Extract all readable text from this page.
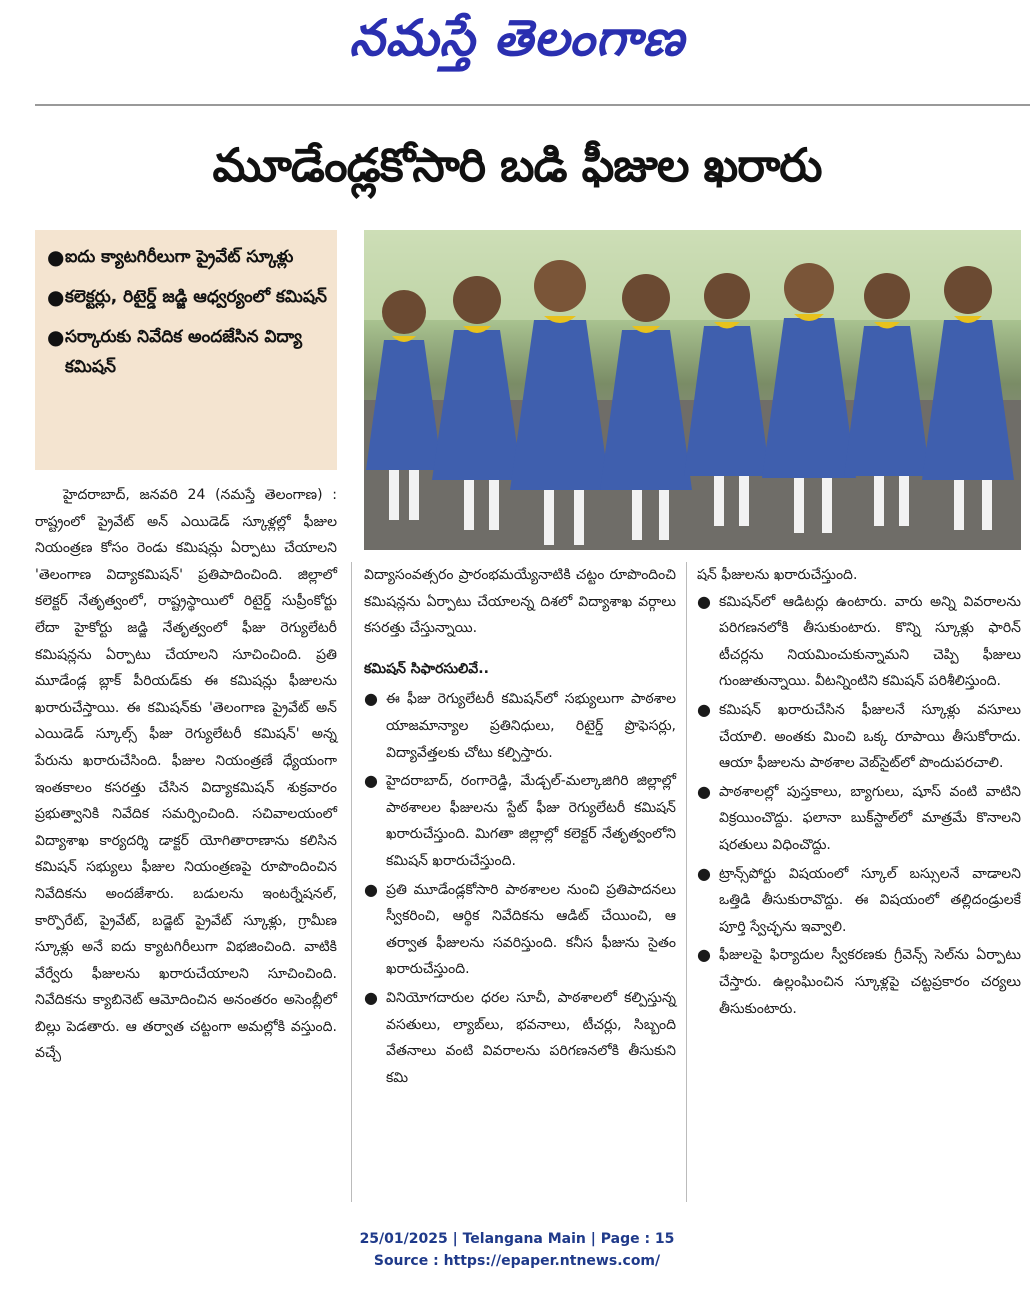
నమస్తే తెలంగాణ
మూడేండ్లకోసారి బడి ఫీజుల ఖరారు
● ఐదు క్యాటగిరీలుగా ప్రైవేట్ స్కూళ్లు
● కలెక్టర్లు, రిటైర్డ్ జడ్జి ఆధ్వర్యంలో కమిషన్
● సర్కారుకు నివేదిక అందజేసిన విద్యా కమిషన్

హైదరాబాద్, జనవరి 24 (నమస్తే తెలంగాణ) : రాష్ట్రంలో ప్రైవేట్ అన్ ఎయిడెడ్ స్కూళ్లల్లో ఫీజుల నియంత్రణ కోసం రెండు కమిషన్లు ఏర్పాటు చేయాలని 'తెలంగాణ విద్యాకమిషన్' ప్రతిపాదించింది. జిల్లాలో కలెక్టర్ నేతృత్వంలో, రాష్ట్రస్థాయిలో రిటైర్డ్ సుప్రీంకోర్టు లేదా హైకోర్టు జడ్జి నేతృత్వంలో ఫీజు రెగ్యులేటరీ కమిషన్లను ఏర్పాటు చేయాలని సూచించింది. ప్రతి మూడేండ్ల బ్లాక్ పీరియడ్‌కు ఈ కమిషన్లు ఫీజులను ఖరారుచేస్తాయి. ఈ కమిషన్‌కు 'తెలంగాణ ప్రైవేట్ అన్ ఎయిడెడ్ స్కూల్స్ ఫీజు రెగ్యులేటరీ కమిషన్' అన్న పేరును ఖరారుచేసింది. ఫీజుల నియంత్రణే ధ్యేయంగా ఇంతకాలం కసరత్తు చేసిన విద్యాకమిషన్ శుక్రవారం ప్రభుత్వానికి నివేదిక సమర్పించింది. సచివాలయంలో విద్యాశాఖ కార్యదర్శి డాక్టర్ యోగితారాణాను కలిసిన కమిషన్ సభ్యులు ఫీజుల నియంత్రణపై రూపొందించిన నివేదికను అందజేశారు. బడులను ఇంటర్నేషనల్, కార్పొరేట్, ప్రైవేట్, బడ్జెట్ ప్రైవేట్ స్కూళ్లు, గ్రామీణ స్కూళ్లు అనే ఐదు క్యాటగిరీలుగా విభజించింది. వాటికి వేర్వేరు ఫీజులను ఖరారుచేయాలని సూచించింది. నివేదికను క్యాబినెట్ ఆమోదించిన అనంతరం అసెంబ్లీలో బిల్లు పెడతారు. ఆ తర్వాత చట్టంగా అమల్లోకి వస్తుంది. వచ్చే

విద్యాసంవత్సరం ప్రారంభమయ్యేనాటికి చట్టం రూపొందించి కమిషన్లను ఏర్పాటు చేయాలన్న దిశలో విద్యాశాఖ వర్గాలు కసరత్తు చేస్తున్నాయి.

కమిషన్ సిఫారసులివే..
● ఈ ఫీజు రెగ్యులేటరీ కమిషన్‌లో సభ్యులుగా పాఠశాల యాజమాన్యాల ప్రతినిధులు, రిటైర్డ్ ప్రొఫెసర్లు, విద్యావేత్తలకు చోటు కల్పిస్తారు.
● హైదరాబాద్, రంగారెడ్డి, మేడ్చల్-మల్కాజిగిరి జిల్లాల్లో పాఠశాలల ఫీజులను స్టేట్ ఫీజు రెగ్యులేటరీ కమిషన్ ఖరారుచేస్తుంది. మిగతా జిల్లాల్లో కలెక్టర్ నేతృత్వంలోని కమిషన్ ఖరారుచేస్తుంది.
● ప్రతి మూడేండ్లకోసారి పాఠశాలల నుంచి ప్రతిపాదనలు స్వీకరించి, ఆర్థిక నివేదికను ఆడిట్ చేయించి, ఆ తర్వాత ఫీజులను సవరిస్తుంది. కనీస ఫీజును సైతం ఖరారుచేస్తుంది.
● వినియోగదారుల ధరల సూచీ, పాఠశాలలో కల్పిస్తున్న వసతులు, ల్యాబ్‌లు, భవనాలు, టీచర్లు, సిబ్బంది వేతనాలు వంటి వివరాలను పరిగణనలోకి తీసుకుని కమి

షన్ ఫీజులను ఖరారుచేస్తుంది.

● కమిషన్‌లో ఆడిటర్లు ఉంటారు. వారు అన్ని వివరాలను పరిగణనలోకి తీసుకుంటారు. కొన్ని స్కూళ్లు ఫారిన్ టీచర్లను నియమించుకున్నామని చెప్పి ఫీజులు గుంజుతున్నాయి. వీటన్నింటిని కమిషన్ పరిశీలిస్తుంది.
● కమిషన్ ఖరారుచేసిన ఫీజులనే స్కూళ్లు వసూలు చేయాలి. అంతకు మించి ఒక్క రూపాయి తీసుకోరాదు. ఆయా ఫీజులను పాఠశాల వెబ్‌సైట్‌లో పొందుపరచాలి.
● పాఠశాలల్లో పుస్తకాలు, బ్యాగులు, షూస్ వంటి వాటిని విక్రయించొద్దు. ఫలానా బుక్‌స్టాల్‌లో మాత్రమే కొనాలని షరతులు విధించొద్దు.
● ట్రాన్స్‌పోర్టు విషయంలో స్కూల్ బస్సులనే వాడాలని ఒత్తిడి తీసుకురావొద్దు. ఈ విషయంలో తల్లిదండ్రులకే పూర్తి స్వేచ్ఛను ఇవ్వాలి.
● ఫీజులపై ఫిర్యాదుల స్వీకరణకు గ్రీవెన్స్ సెల్‌ను ఏర్పాటు చేస్తారు. ఉల్లంఘించిన స్కూళ్లపై చట్టప్రకారం చర్యలు తీసుకుంటారు.
25/01/2025 | Telangana Main | Page : 15
Source : https://epaper.ntnews.com/
